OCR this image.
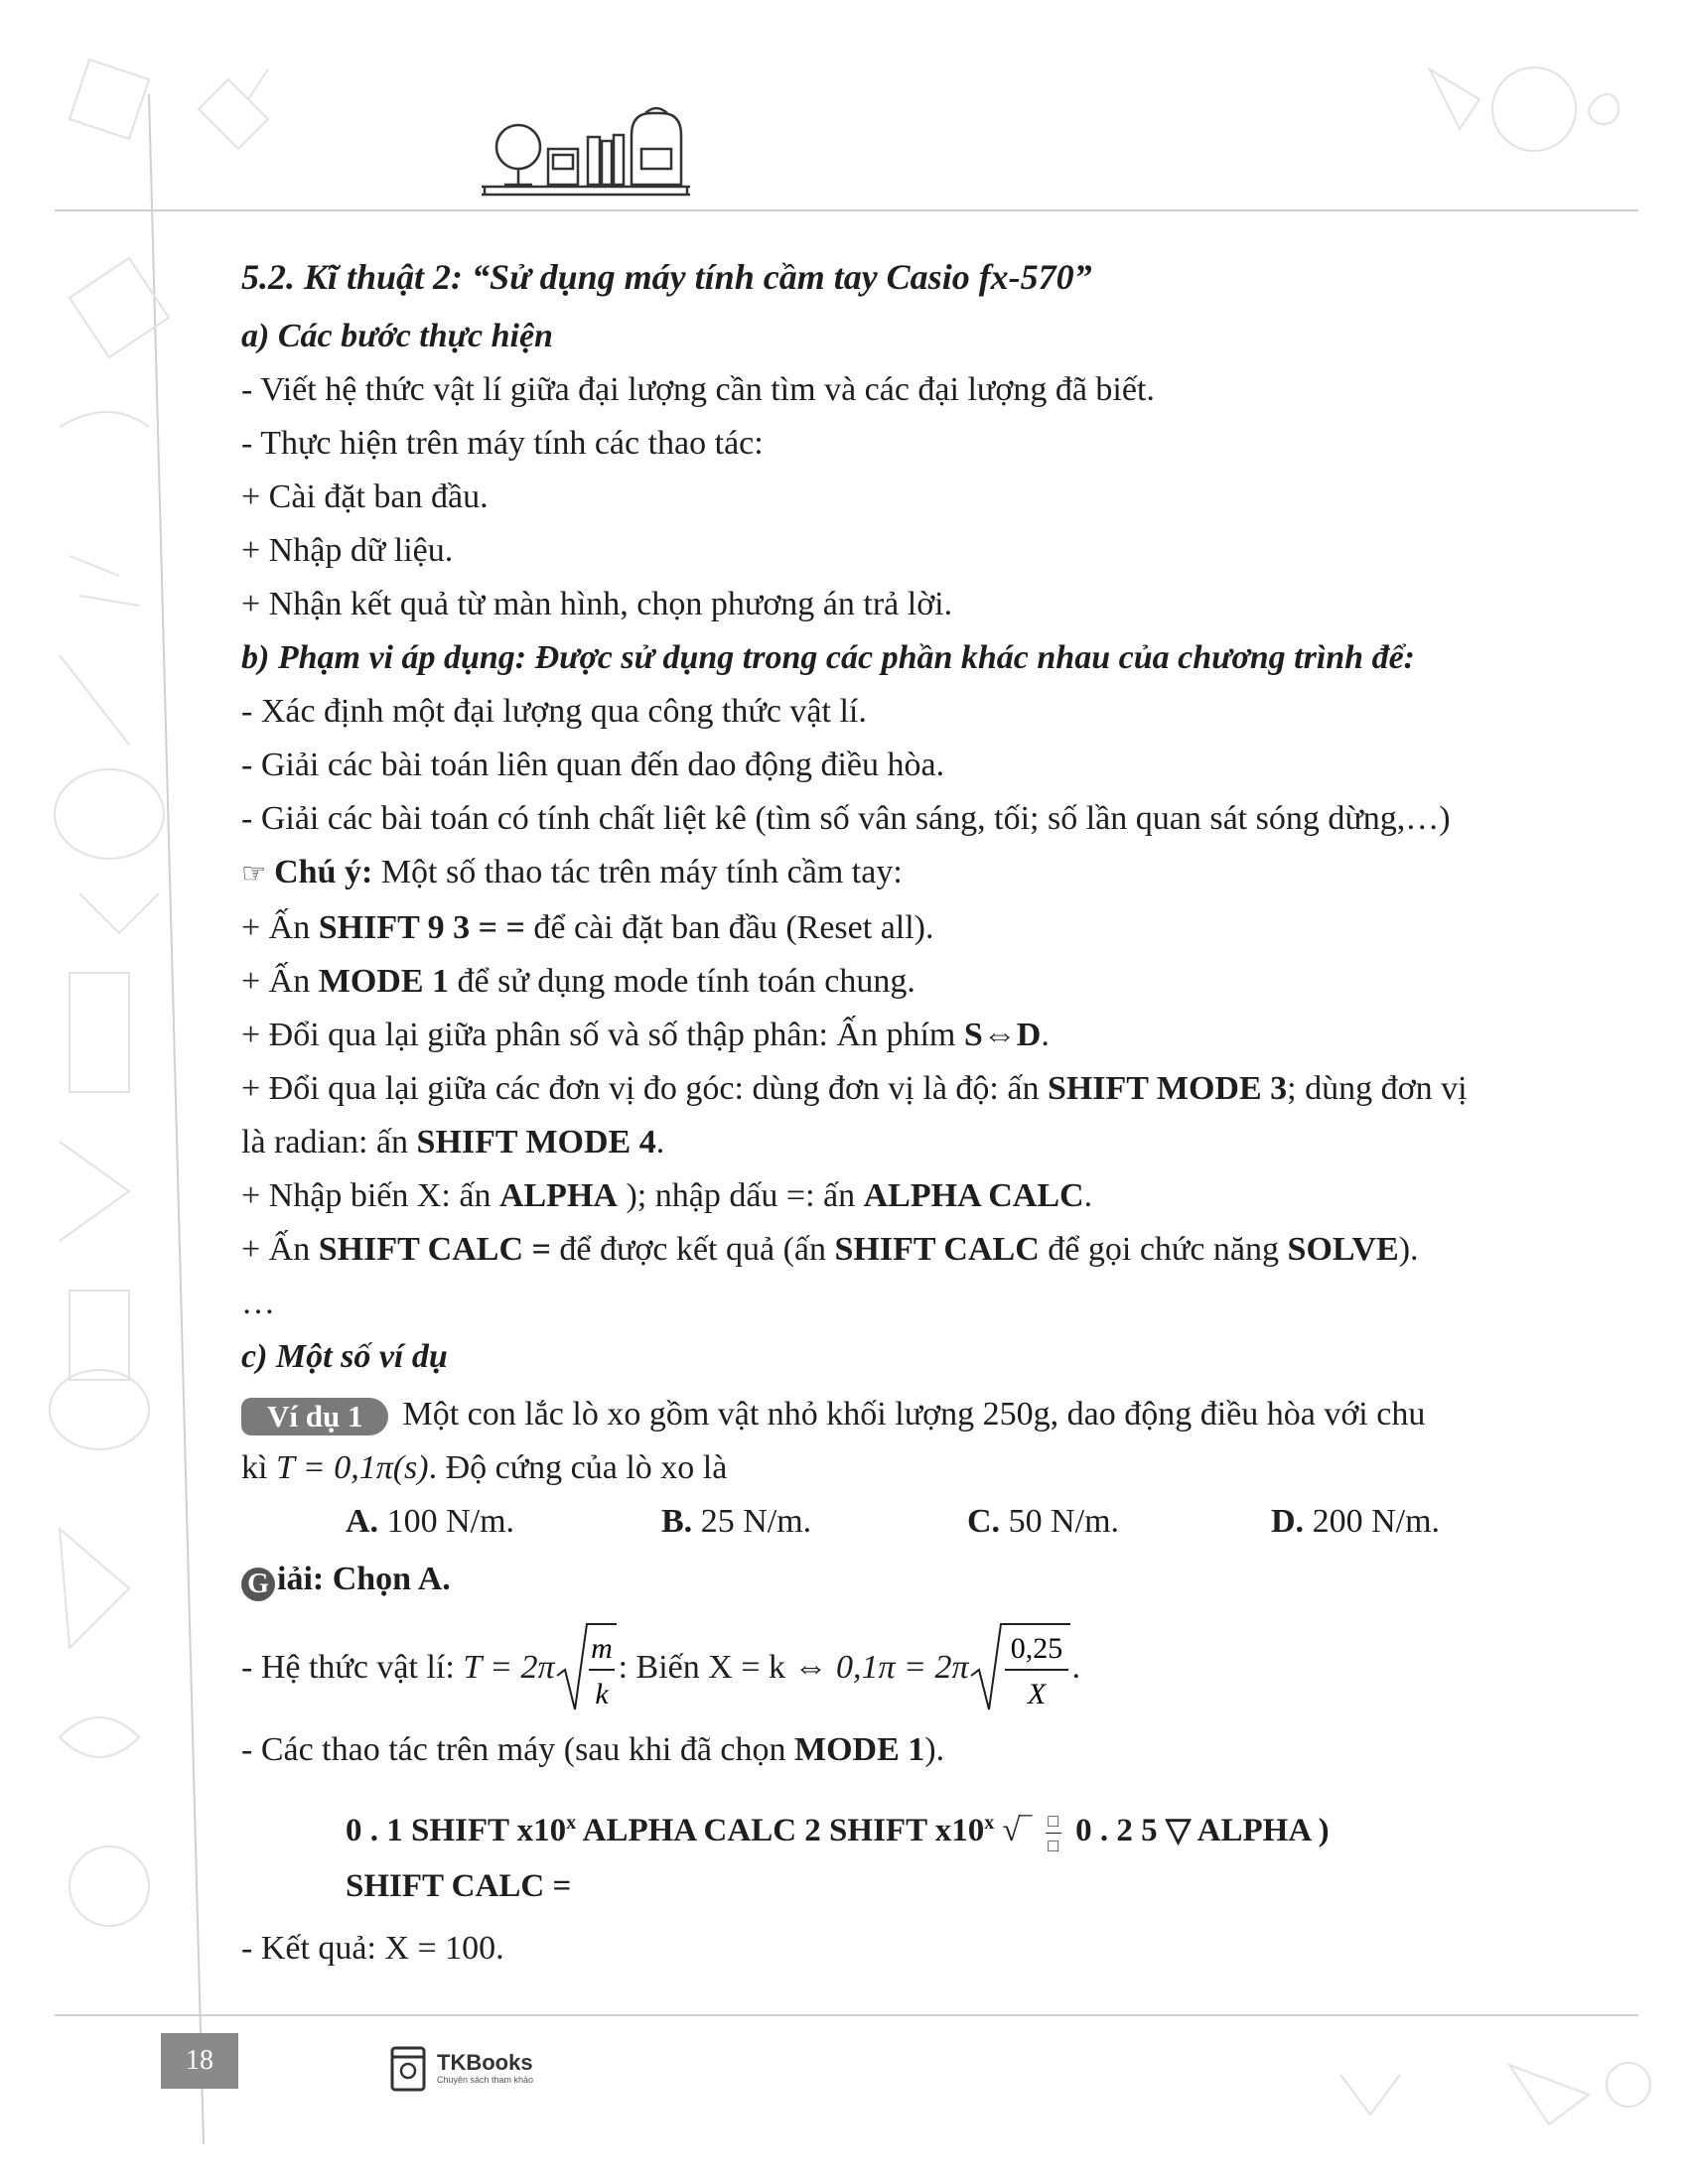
5.2. Kĩ thuật 2: “Sử dụng máy tính cầm tay Casio fx-570”

a) Các bước thực hiện

- Viết hệ thức vật lí giữa đại lượng cần tìm và các đại lượng đã biết.

- Thực hiện trên máy tính các thao tác:

+ Cài đặt ban đầu.

+ Nhập dữ liệu.

+ Nhận kết quả từ màn hình, chọn phương án trả lời.

b) Phạm vi áp dụng: Được sử dụng trong các phần khác nhau của chương trình để:

- Xác định một đại lượng qua công thức vật lí.

- Giải các bài toán liên quan đến dao động điều hòa.

- Giải các bài toán có tính chất liệt kê (tìm số vân sáng, tối; số lần quan sát sóng dừng,…)

☞ Chú ý: Một số thao tác trên máy tính cầm tay:

+ Ấn SHIFT 9 3 = = để cài đặt ban đầu (Reset all).

+ Ấn MODE 1 để sử dụng mode tính toán chung.

+ Đổi qua lại giữa phân số và số thập phân: Ấn phím S⇔D.

+ Đổi qua lại giữa các đơn vị đo góc: dùng đơn vị là độ: ấn SHIFT MODE 3; dùng đơn vị là radian: ấn SHIFT MODE 4.

+ Nhập biến X: ấn ALPHA ); nhập dấu =: ấn ALPHA CALC.

+ Ấn SHIFT CALC = để được kết quả (ấn SHIFT CALC để gọi chức năng SOLVE).

…

c) Một số ví dụ

Ví dụ 1 Một con lắc lò xo gồm vật nhỏ khối lượng 250g, dao động điều hòa với chu

kì T = 0,1π(s). Độ cứng của lò xo là

A. 100 N/m.	B. 25 N/m.	C. 50 N/m.	D. 200 N/m.

G iải: Chọn A.

- Hệ thức vật lí:
T = 2π
m
k
: Biến X = k ⇔
0,1π = 2π
0,25
X
.

- Các thao tác trên máy (sau khi đã chọn MODE 1).

0 . 1 SHIFT x10$^x$ ALPHA CALC 2 SHIFT x10$^x$ √‾ $\frac{□}{□} 0$ . 2 5 ▽ ALPHA )
SHIFT CALC =

- Kết quả: X = 100.

18	TKBooks
Chuyên sách tham khảo
